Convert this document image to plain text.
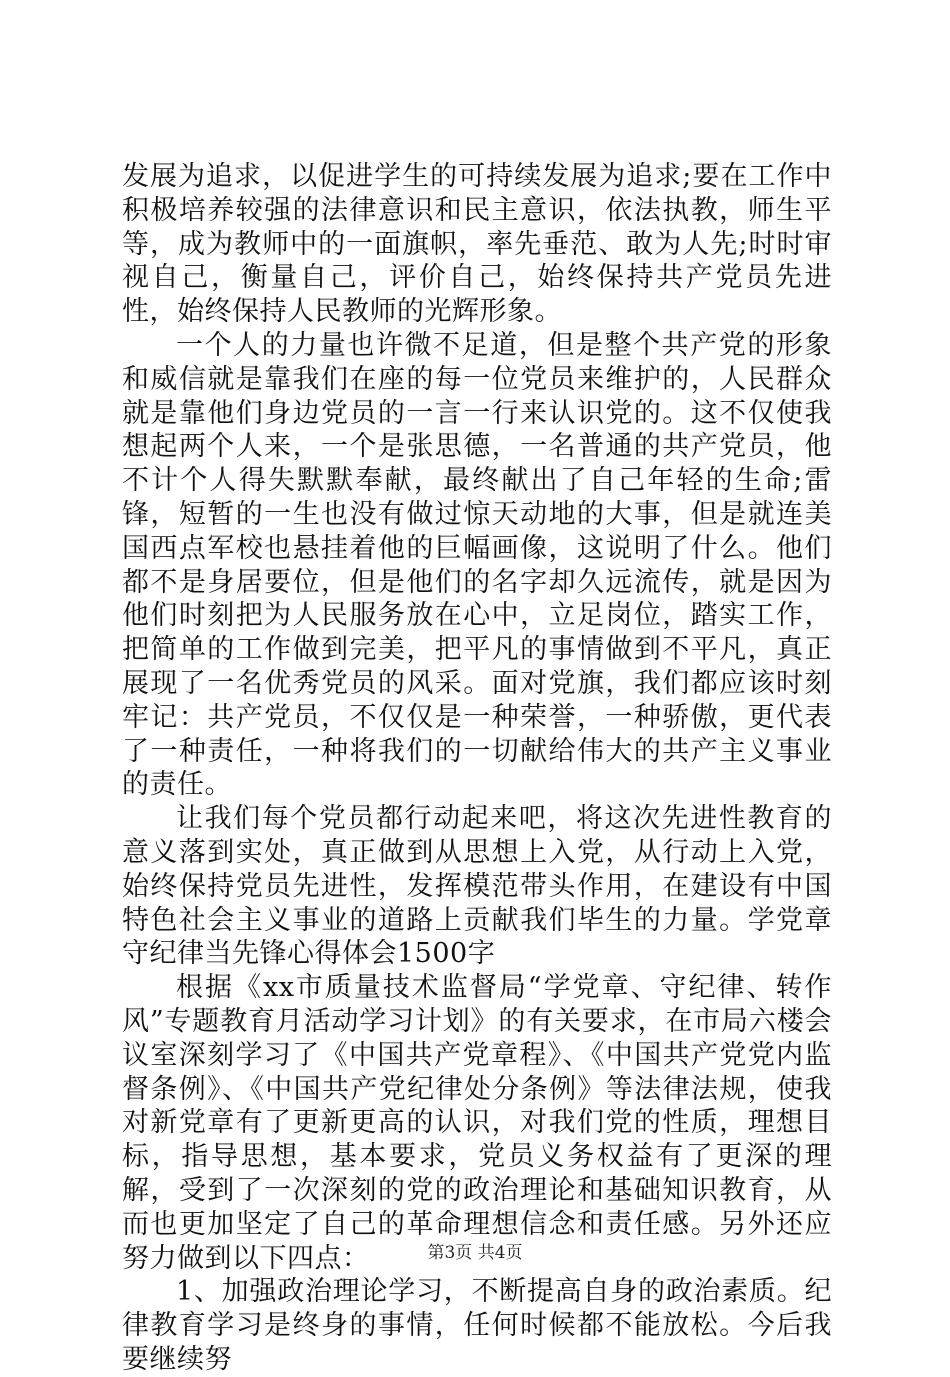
发展为追求，以促进学生的可持续发展为追求;要在工作中积极培养较强的法律意识和民主意识，依法执教，师生平等，成为教师中的一面旗帜，率先垂范、敢为人先;时时审视自己，衡量自己，评价自己，始终保持共产党员先进性，始终保持人民教师的光辉形象。

一个人的力量也许微不足道，但是整个共产党的形象和威信就是靠我们在座的每一位党员来维护的，人民群众就是靠他们身边党员的一言一行来认识党的。这不仅使我想起两个人来，一个是张思德，一名普通的共产党员，他不计个人得失默默奉献，最终献出了自己年轻的生命;雷锋，短暂的一生也没有做过惊天动地的大事，但是就连美国西点军校也悬挂着他的巨幅画像，这说明了什么。他们都不是身居要位，但是他们的名字却久远流传，就是因为他们时刻把为人民服务放在心中，立足岗位，踏实工作，把简单的工作做到完美，把平凡的事情做到不平凡，真正展现了一名优秀党员的风采。面对党旗，我们都应该时刻牢记：共产党员，不仅仅是一种荣誉，一种骄傲，更代表了一种责任，一种将我们的一切献给伟大的共产主义事业的责任。

让我们每个党员都行动起来吧，将这次先进性教育的意义落到实处，真正做到从思想上入党，从行动上入党，始终保持党员先进性，发挥模范带头作用，在建设有中国特色社会主义事业的道路上贡献我们毕生的力量。学党章守纪律当先锋心得体会1500字

根据《xx市质量技术监督局“学党章、守纪律、转作风”专题教育月活动学习计划》的有关要求，在市局六楼会议室深刻学习了《中国共产党章程》、《中国共产党党内监督条例》、《中国共产党纪律处分条例》等法律法规，使我对新党章有了更新更高的认识，对我们党的性质，理想目标，指导思想，基本要求，党员义务权益有了更深的理解，受到了一次深刻的党的政治理论和基础知识教育，从而也更加坚定了自己的革命理想信念和责任感。另外还应努力做到以下四点：

1、加强政治理论学习，不断提高自身的政治素质。纪律教育学习是终身的事情，任何时候都不能放松。今后我要继续努

第3页 共4页
